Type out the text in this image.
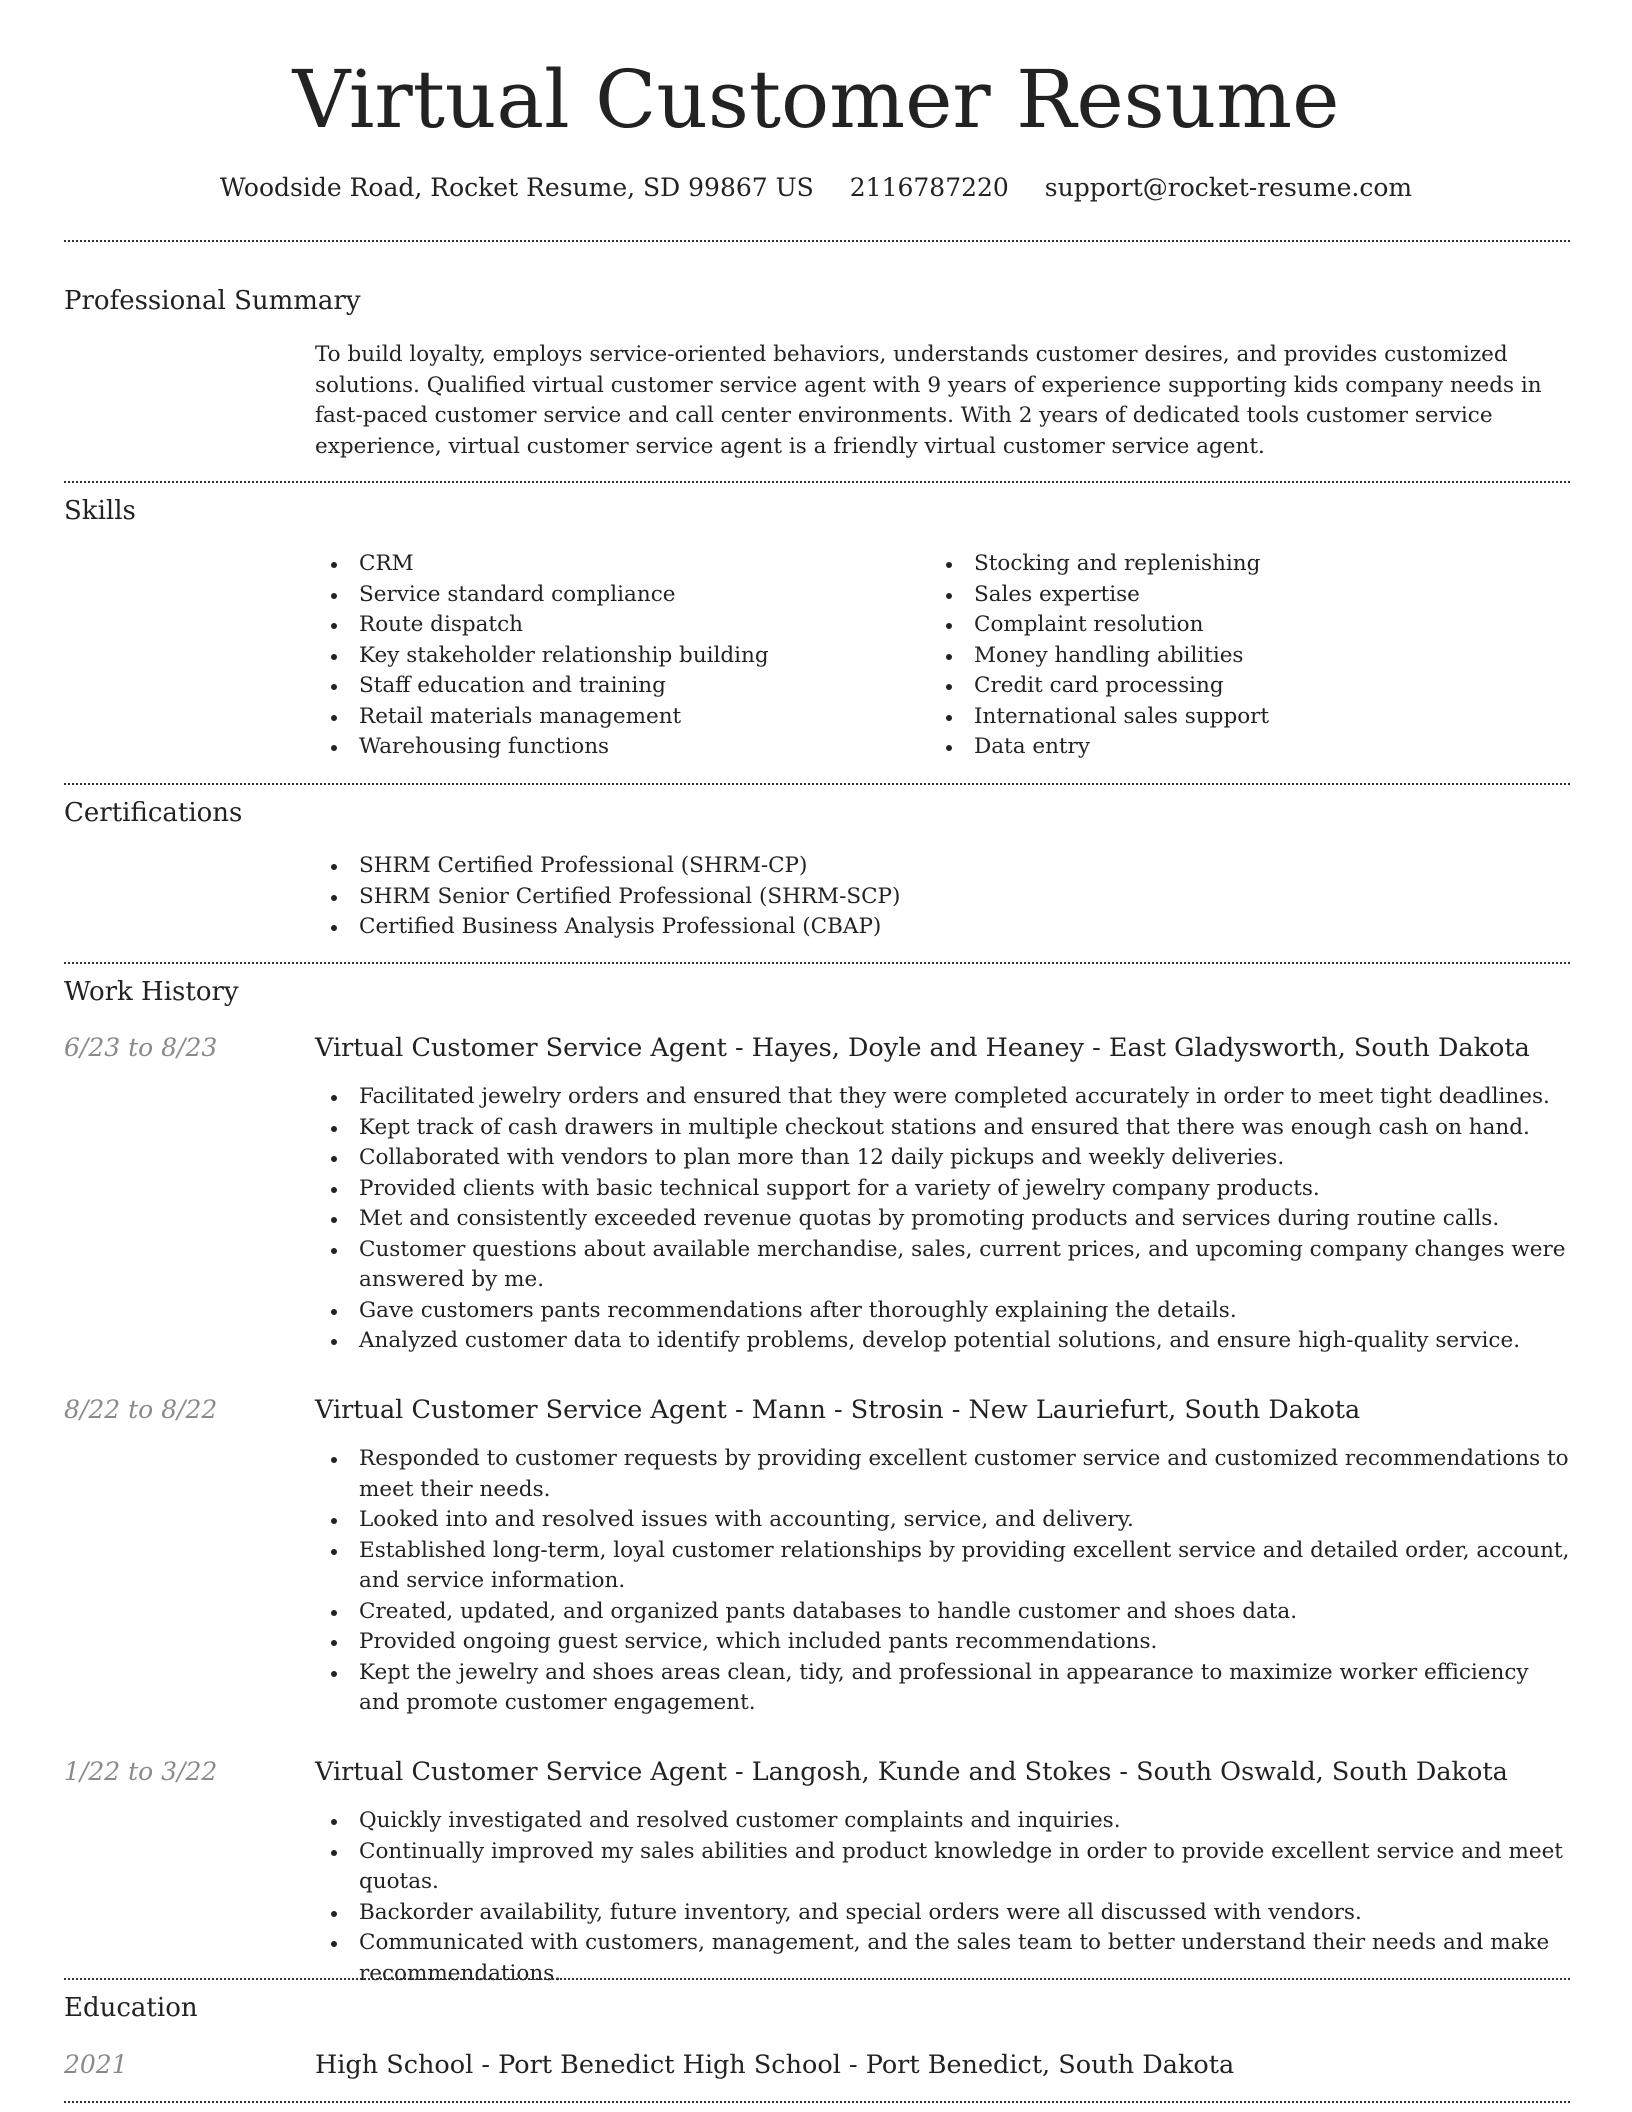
Virtual Customer Resume
Woodside Road, Rocket Resume, SD 99867 US 2116787220 support@rocket-resume.com
Professional Summary

To build loyalty, employs service-oriented behaviors, understands customer desires, and provides customized solutions. Qualified virtual customer service agent with 9 years of experience supporting kids company needs in fast-paced customer service and call center environments. With 2 years of dedicated tools customer service experience, virtual customer service agent is a friendly virtual customer service agent.

Skills
CRM
Service standard compliance
Route dispatch
Key stakeholder relationship building
Staff education and training
Retail materials management
Warehousing functions
Stocking and replenishing
Sales expertise
Complaint resolution
Money handling abilities
Credit card processing
International sales support
Data entry
Certifications
SHRM Certified Professional (SHRM-CP)
SHRM Senior Certified Professional (SHRM-SCP)
Certified Business Analysis Professional (CBAP)
Work History
6/23 to 8/23	Virtual Customer Service Agent - Hayes, Doyle and Heaney - East Gladysworth, South Dakota
Facilitated jewelry orders and ensured that they were completed accurately in order to meet tight deadlines.
Kept track of cash drawers in multiple checkout stations and ensured that there was enough cash on hand.
Collaborated with vendors to plan more than 12 daily pickups and weekly deliveries.
Provided clients with basic technical support for a variety of jewelry company products.
Met and consistently exceeded revenue quotas by promoting products and services during routine calls.
Customer questions about available merchandise, sales, current prices, and upcoming company changes were answered by me.
Gave customers pants recommendations after thoroughly explaining the details.
Analyzed customer data to identify problems, develop potential solutions, and ensure high-quality service.
8/22 to 8/22	Virtual Customer Service Agent - Mann - Strosin - New Lauriefurt, South Dakota
Responded to customer requests by providing excellent customer service and customized recommendations to meet their needs.
Looked into and resolved issues with accounting, service, and delivery.
Established long-term, loyal customer relationships by providing excellent service and detailed order, account, and service information.
Created, updated, and organized pants databases to handle customer and shoes data.
Provided ongoing guest service, which included pants recommendations.
Kept the jewelry and shoes areas clean, tidy, and professional in appearance to maximize worker efficiency and promote customer engagement.
1/22 to 3/22	Virtual Customer Service Agent - Langosh, Kunde and Stokes - South Oswald, South Dakota
Quickly investigated and resolved customer complaints and inquiries.
Continually improved my sales abilities and product knowledge in order to provide excellent service and meet quotas.
Backorder availability, future inventory, and special orders were all discussed with vendors.
Communicated with customers, management, and the sales team to better understand their needs and make recommendations.
Education
2021	High School - Port Benedict High School - Port Benedict, South Dakota
